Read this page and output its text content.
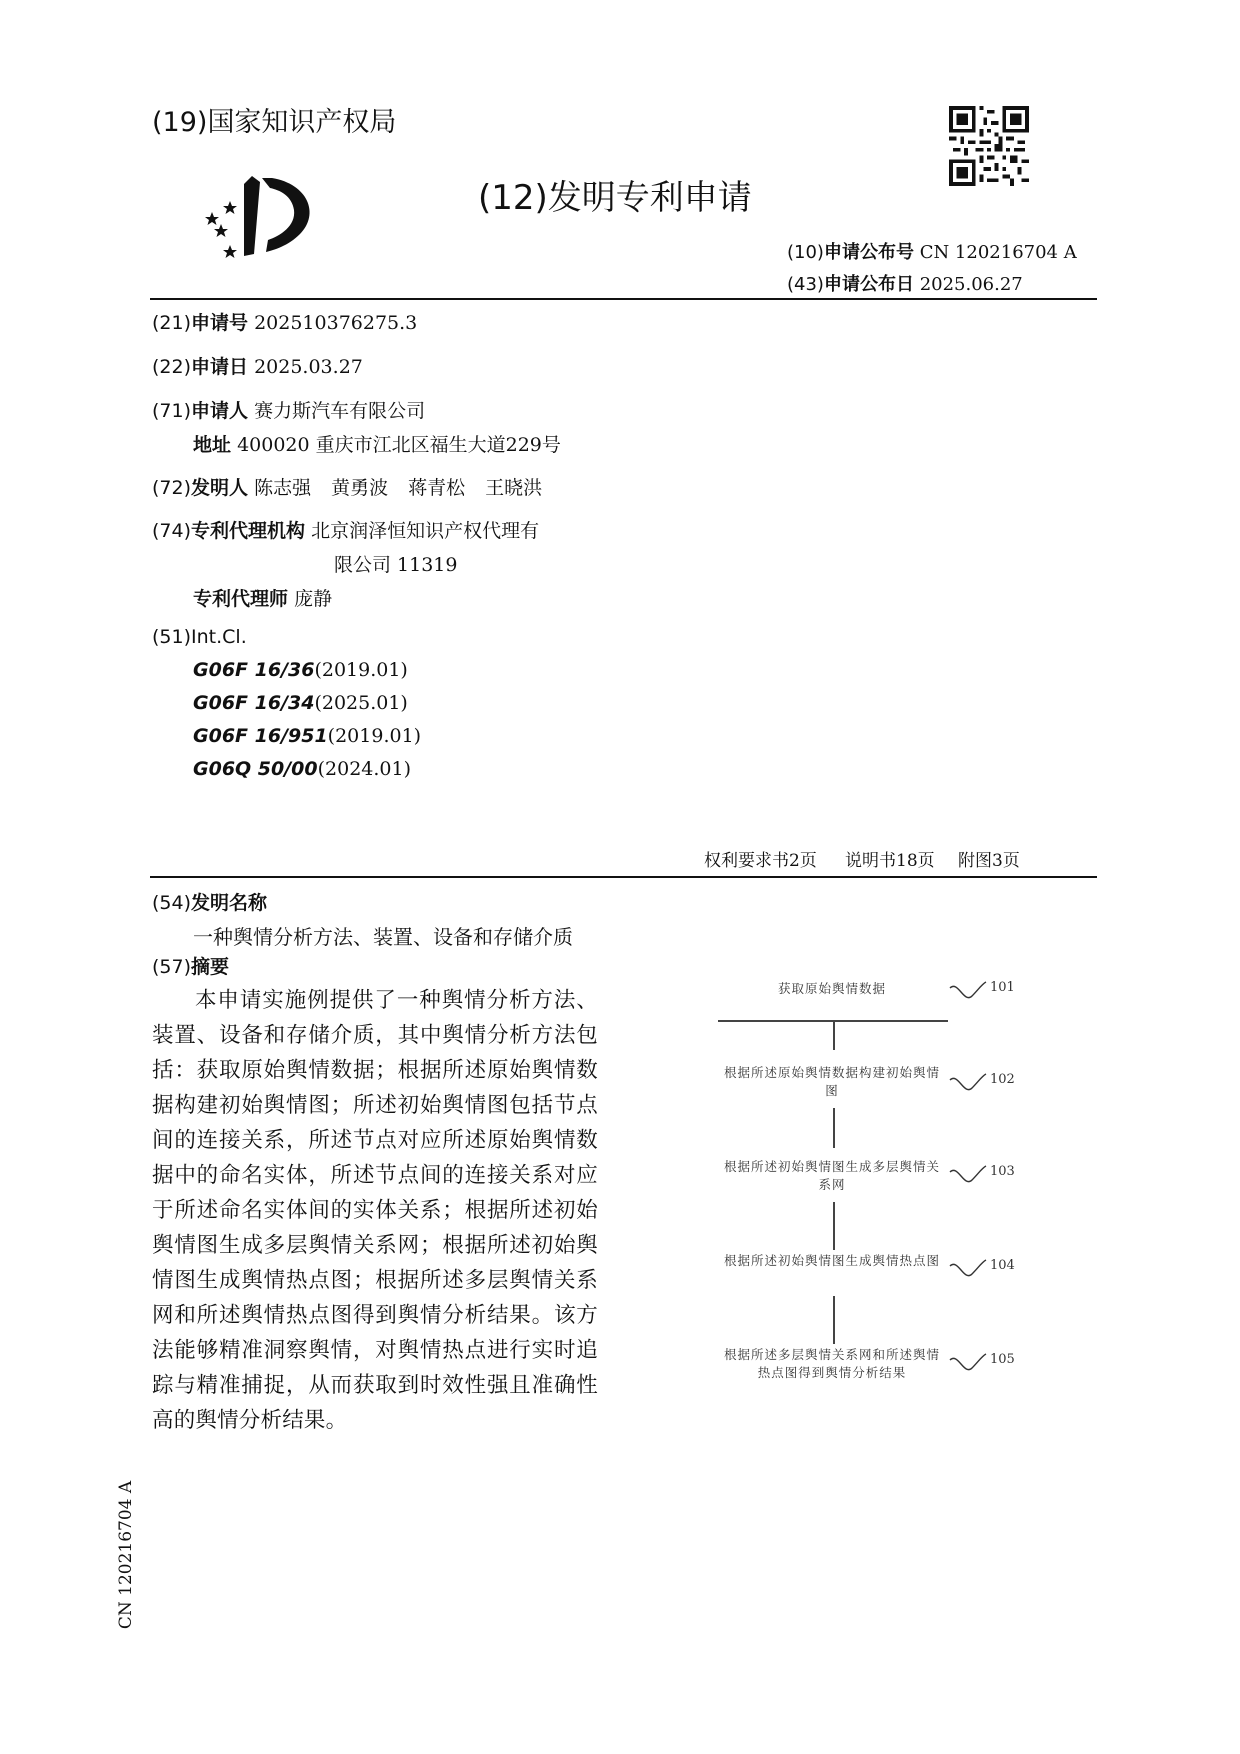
(19)国家知识产权局
(12)发明专利申请
(10)申请公布号 CN 120216704 A
(43)申请公布日 2025.06.27
(21)申请号 202510376275.3
(22)申请日 2025.03.27
(71)申请人 赛力斯汽车有限公司
地址 400020 重庆市江北区福生大道229号
(72)发明人 陈志强 黄勇波 蒋青松 王晓洪
(74)专利代理机构 北京润泽恒知识产权代理有
限公司 11319
专利代理师 庞静
(51)Int.Cl.
G06F 16/36(2019.01)
G06F 16/34(2025.01)
G06F 16/951(2019.01)
G06Q 50/00(2024.01)
权利要求书2页 说明书18页 附图3页
(54)发明名称
一种舆情分析方法、装置、设备和存储介质
(57)摘要

本申请实施例提供了一种舆情分析方法、装置、设备和存储介质，其中舆情分析方法包括：获取原始舆情数据；根据所述原始舆情数据构建初始舆情图；所述初始舆情图包括节点间的连接关系，所述节点对应所述原始舆情数据中的命名实体，所述节点间的连接关系对应于所述命名实体间的实体关系；根据所述初始舆情图生成多层舆情关系网；根据所述初始舆情图生成舆情热点图；根据所述多层舆情关系网和所述舆情热点图得到舆情分析结果。该方法能够精准洞察舆情，对舆情热点进行实时追踪与精准捕捉，从而获取到时效性强且准确性高的舆情分析结果。

获取原始舆情数据
根据所述原始舆情数据构建初始舆情图
根据所述初始舆情图生成多层舆情关系网
根据所述初始舆情图生成舆情热点图
根据所述多层舆情关系网和所述舆情热点图得到舆情分析结果
101
102
103
104
105
CN 120216704 A
